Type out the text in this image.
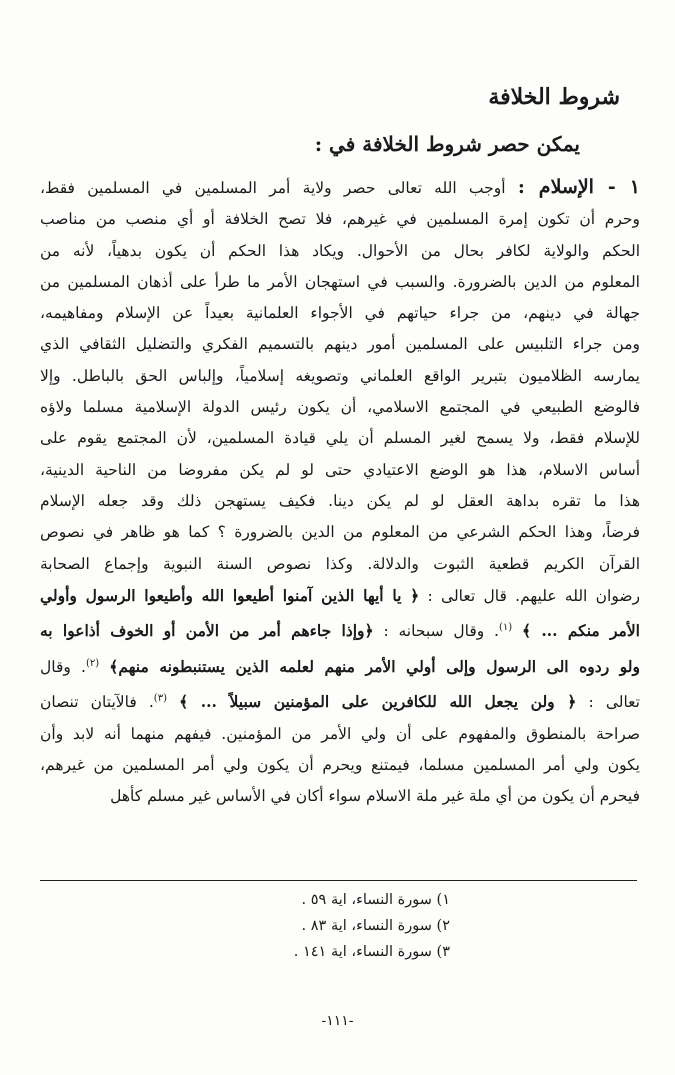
شروط الخلافة
يمكن حصر شروط الخلافة في :
١ - الإسلام : أوجب الله تعالى حصر ولاية أمر المسلمين في المسلمين فقط،
وحرم أن تكون إمرة المسلمين في غيرهم، فلا تصح الخلافة أو أي منصب من مناصب
الحكم والولاية لكافر بحال من الأحوال. ويكاد هذا الحكم أن يكون بدهياً، لأنه من
المعلوم من الدين بالضرورة. والسبب في استهجان الأمر ما طرأ على أذهان المسلمين من
جهالة في دينهم، من جراء حياتهم في الأجواء العلمانية بعيداً عن الإسلام ومفاهيمه،
ومن جراء التلبيس على المسلمين أمور دينهم بالتسميم الفكري والتضليل الثقافي الذي
يمارسه الظلاميون بتبرير الواقع العلماني وتصويغه إسلامياً، وإلباس الحق بالباطل. وإلا
فالوضع الطبيعي في المجتمع الاسلامي، أن يكون رئيس الدولة الإسلامية مسلما ولاؤه
للإسلام فقط، ولا يسمح لغير المسلم أن يلي قيادة المسلمين، لأن المجتمع يقوم على
أساس الاسلام، هذا هو الوضع الاعتيادي حتى لو لم يكن مفروضا من الناحية الدينية،
هذا ما تقره بداهة العقل لو لم يكن دينا. فكيف يستهجن ذلك وقد جعله الإسلام
فرضاً، وهذا الحكم الشرعي من المعلوم من الدين بالضرورة ؟ كما هو ظاهر في نصوص
القرآن الكريم قطعية الثبوت والدلالة. وكذا نصوص السنة النبوية وإجماع الصحابة
رضوان الله عليهم. قال تعالى : ﴿ يا أيها الذين آمنوا أطيعوا الله وأطيعوا الرسول وأولي
الأمر منكم ... ﴾ $^{(١)}$. وقال سبحانه : ﴿وإذا جاءهم أمر من الأمن أو الخوف أذاعوا به
ولو ردوه الى الرسول وإلى أولي الأمر منهم لعلمه الذين يستنبطونه منهم﴾ $^{(٢)}$. وقال
تعالى : ﴿ ولن يجعل الله للكافرين على المؤمنين سبيلاً ... ﴾ $^{(٣)}$. فالآيتان تنصان
صراحة بالمنطوق والمفهوم على أن ولي الأمر من المؤمنين. فيفهم منهما أنه لابد وأن
يكون ولي أمر المسلمين مسلما، فيمتنع ويحرم أن يكون ولي أمر المسلمين من غيرهم،
فيحرم أن يكون من أي ملة غير ملة الاسلام سواء أكان في الأساس غير مسلم كأهل
١) سورة النساء، اية ٥٩ .
٢) سورة النساء، اية ٨٣ .
٣) سورة النساء، اية ١٤١ .
-١١١-
